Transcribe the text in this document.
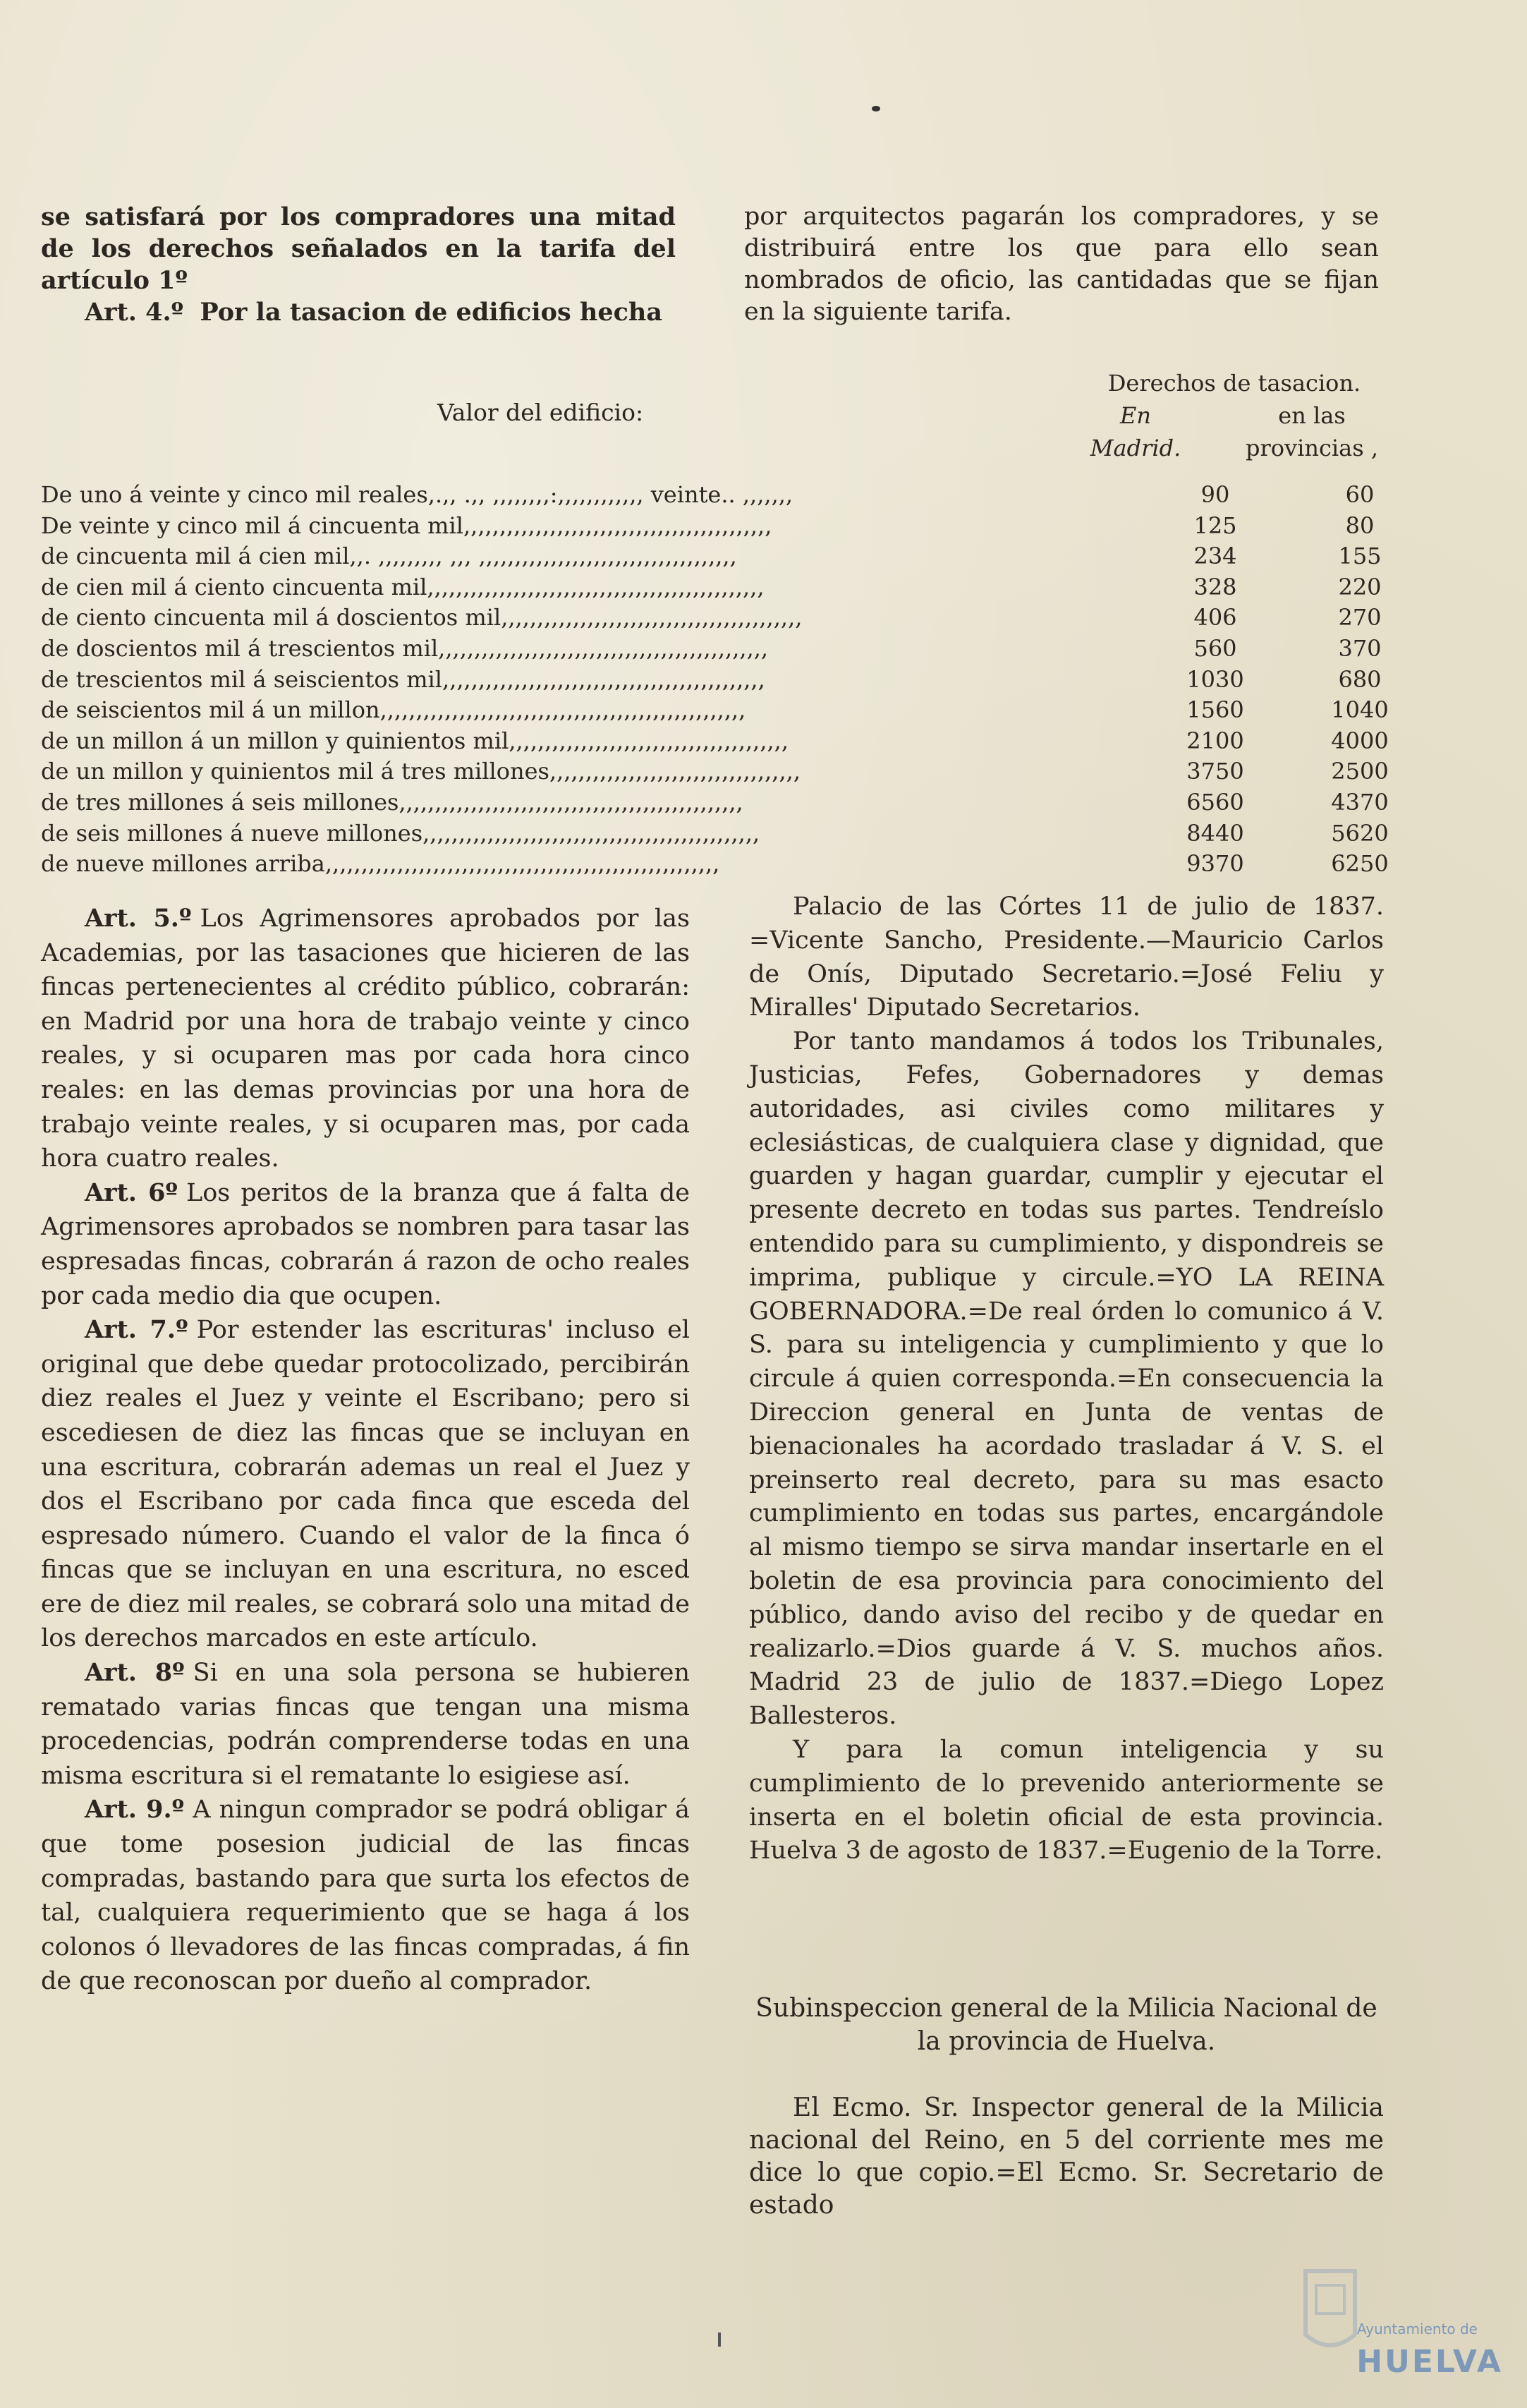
se satisfará por los compradores una mitad de los derechos señalados en la tarifa del artículo 1º

Art. 4.º Por la tasacion de edificios hecha

por arquitectos pagarán los compradores, y se distribuirá entre los que para ello sean nombrados de oficio, las cantidadas que se fijan en la siguiente tarifa.

Valor del edificio:
Derechos de tasacion.
En	en las
Madrid.	provincias ,
De uno á veinte y cinco mil reales,.,, .,, ,,,,,,,,:,,,,,,,,,,,, veinte.. ,,,,,,,	90	60
De veinte y cinco mil á cincuenta mil,,,,,,,,,,,,,,,,,,,,,,,,,,,,,,,,,,,,,,,,,,,	125	80
de cincuenta mil á cien mil,,. ,,,,,,,,, ,,, ,,,,,,,,,,,,,,,,,,,,,,,,,,,,,,,,,,,,	234	155
de cien mil á ciento cincuenta mil,,,,,,,,,,,,,,,,,,,,,,,,,,,,,,,,,,,,,,,,,,,,,,,	328	220
de ciento cincuenta mil á doscientos mil,,,,,,,,,,,,,,,,,,,,,,,,,,,,,,,,,,,,,,,,,,	406	270
de doscientos mil á trescientos mil,,,,,,,,,,,,,,,,,,,,,,,,,,,,,,,,,,,,,,,,,,,,,,	560	370
de trescientos mil á seiscientos mil,,,,,,,,,,,,,,,,,,,,,,,,,,,,,,,,,,,,,,,,,,,,,	1030	680
de seiscientos mil á un millon,,,,,,,,,,,,,,,,,,,,,,,,,,,,,,,,,,,,,,,,,,,,,,,,,,,	1560	1040
de un millon á un millon y quinientos mil,,,,,,,,,,,,,,,,,,,,,,,,,,,,,,,,,,,,,,,	2100	4000
de un millon y quinientos mil á tres millones,,,,,,,,,,,,,,,,,,,,,,,,,,,,,,,,,,,	3750	2500
de tres millones á seis millones,,,,,,,,,,,,,,,,,,,,,,,,,,,,,,,,,,,,,,,,,,,,,,,,	6560	4370
de seis millones á nueve millones,,,,,,,,,,,,,,,,,,,,,,,,,,,,,,,,,,,,,,,,,,,,,,,	8440	5620
de nueve millones arriba,,,,,,,,,,,,,,,,,,,,,,,,,,,,,,,,,,,,,,,,,,,,,,,,,,,,,,,	9370	6250

Art. 5.º Los Agrimensores aprobados por las Academias, por las tasaciones que hicieren de las fincas pertenecientes al crédito público, cobrarán: en Madrid por una hora de trabajo veinte y cinco reales, y si ocuparen mas por cada hora cinco reales: en las demas provincias por una hora de trabajo veinte reales, y si ocuparen mas, por cada hora cuatro reales.

Art. 6º Los peritos de la branza que á falta de Agrimensores aprobados se nombren para tasar las espresadas fincas, cobrarán á razon de ocho reales por cada medio dia que ocupen.

Art. 7.º Por estender las escrituras' incluso el original que debe quedar protocolizado, percibirán diez reales el Juez y veinte el Escribano; pero si escediesen de diez las fincas que se incluyan en una escritura, cobrarán ademas un real el Juez y dos el Escribano por cada finca que esceda del espresado número. Cuando el valor de la finca ó fincas que se incluyan en una escritura, no esced ere de diez mil reales, se cobrará solo una mitad de los derechos marcados en este artículo.

Art. 8º Si en una sola persona se hubieren rematado varias fincas que tengan una misma procedencias, podrán comprenderse todas en una misma escritura si el rematante lo esigiese así.

Art. 9.º A ningun comprador se podrá obligar á que tome posesion judicial de las fincas compradas, bastando para que surta los efectos de tal, cualquiera requerimiento que se haga á los colonos ó llevadores de las fincas compradas, á fin de que reconoscan por dueño al comprador.

Palacio de las Córtes 11 de julio de 1837. =Vicente Sancho, Presidente.—Mauricio Carlos de Onís, Diputado Secretario.=José Feliu y Miralles' Diputado Secretarios.

Por tanto mandamos á todos los Tribunales, Justicias, Fefes, Gobernadores y demas autoridades, asi civiles como militares y eclesiásticas, de cualquiera clase y dignidad, que guarden y hagan guardar, cumplir y ejecutar el presente decreto en todas sus partes. Tendreíslo entendido para su cumplimiento, y dispondreis se imprima, publique y circule.=YO LA REINA GOBERNADORA.=De real órden lo comunico á V. S. para su inteligencia y cumplimiento y que lo circule á quien corresponda.=En consecuencia la Direccion general en Junta de ventas de bienacionales ha acordado trasladar á V. S. el preinserto real decreto, para su mas esacto cumplimiento en todas sus partes, encargándole al mismo tiempo se sirva mandar insertarle en el boletin de esa provincia para conocimiento del público, dando aviso del recibo y de quedar en realizarlo.=Dios guarde á V. S. muchos años. Madrid 23 de julio de 1837.=Diego Lopez Ballesteros.

Y para la comun inteligencia y su cumplimiento de lo prevenido anteriormente se inserta en el boletin oficial de esta provincia. Huelva 3 de agosto de 1837.=Eugenio de la Torre.

Subinspeccion general de la Milicia Nacional de la provincia de Huelva.
El Ecmo. Sr. Inspector general de la Milicia nacional del Reino, en 5 del corriente mes me dice lo que copio.=El Ecmo. Sr. Secretario de estado
Ayuntamiento de
HUELVA
